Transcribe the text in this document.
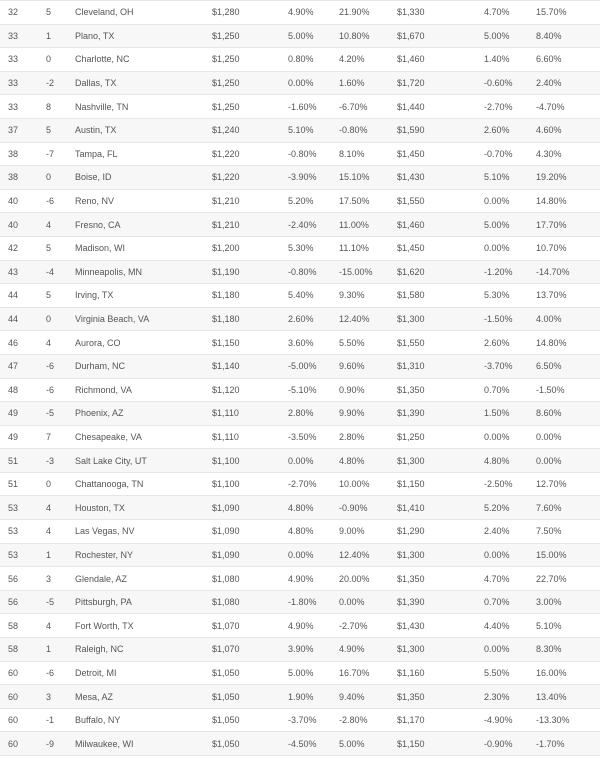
32	5	Cleveland, OH	$1,280	4.90%	21.90%	$1,330	4.70%	15.70%
33	1	Plano, TX	$1,250	5.00%	10.80%	$1,670	5.00%	8.40%
33	0	Charlotte, NC	$1,250	0.80%	4.20%	$1,460	1.40%	6.60%
33	-2 Dallas, TX	$1,250	0.00%	1.60%	$1,720	-0.60%	2.40%
33	8	Nashville, TN	$1,250	-1.60% -6.70%	$1,440	-2.70%	-4.70%
37	5	Austin, TX	$1,240	5.10%	-0.80%	$1,590	2.60%	4.60%
38	-7 Tampa, FL	$1,220	-0.80% 8.10%	$1,450	-0.70%	4.30%
38	0	Boise, ID	$1,220	-3.90% 15.10%	$1,430	5.10%	19.20%
40	-6 Reno, NV	$1,210	5.20%	17.50%	$1,550	0.00%	14.80%
40	4	Fresno, CA	$1,210	-2.40% 11.00%	$1,460	5.00%	17.70%
42	5	Madison, WI	$1,200	5.30%	11.10%	$1,450	0.00%	10.70%
43	-4 Minneapolis, MN	$1,190	-0.80% -15.00%	$1,620	-1.20%	-14.70%
44	5	Irving, TX	$1,180	5.40%	9.30%	$1,580	5.30%	13.70%
44	0	Virginia Beach, VA	$1,180	2.60%	12.40%	$1,300	-1.50%	4.00%
46	4	Aurora, CO	$1,150	3.60%	5.50%	$1,550	2.60%	14.80%
47	-6 Durham, NC	$1,140	-5.00% 9.60%	$1,310	-3.70%	6.50%
48	-6 Richmond, VA	$1,120	-5.10% 0.90%	$1,350	0.70%	-1.50%
49	-5 Phoenix, AZ	$1,110	2.80%	9.90%	$1,390	1.50%	8.60%
49	7	Chesapeake, VA	$1,110	-3.50% 2.80%	$1,250	0.00%	0.00%
51	-3 Salt Lake City, UT	$1,100	0.00%	4.80%	$1,300	4.80%	0.00%
51	0	Chattanooga, TN	$1,100	-2.70% 10.00%	$1,150	-2.50%	12.70%
53	4	Houston, TX	$1,090	4.80%	-0.90%	$1,410	5.20%	7.60%
53	4	Las Vegas, NV	$1,090	4.80%	9.00%	$1,290	2.40%	7.50%
53	1	Rochester, NY	$1,090	0.00%	12.40%	$1,300	0.00%	15.00%
56	3	Glendale, AZ	$1,080	4.90%	20.00%	$1,350	4.70%	22.70%
56	-5 Pittsburgh, PA	$1,080	-1.80% 0.00%	$1,390	0.70%	3.00%
58	4	Fort Worth, TX	$1,070	4.90%	-2.70%	$1,430	4.40%	5.10%
58	1	Raleigh, NC	$1,070	3.90%	4.90%	$1,300	0.00%	8.30%
60	-6 Detroit, MI	$1,050	5.00%	16.70%	$1,160	5.50%	16.00%
60	3	Mesa, AZ	$1,050	1.90%	9.40%	$1,350	2.30%	13.40%
60	-1 Buffalo, NY	$1,050	-3.70% -2.80%	$1,170	-4.90%	-13.30%
60	-9 Milwaukee, WI	$1,050	-4.50% 5.00%	$1,150	-0.90%	-1.70%
